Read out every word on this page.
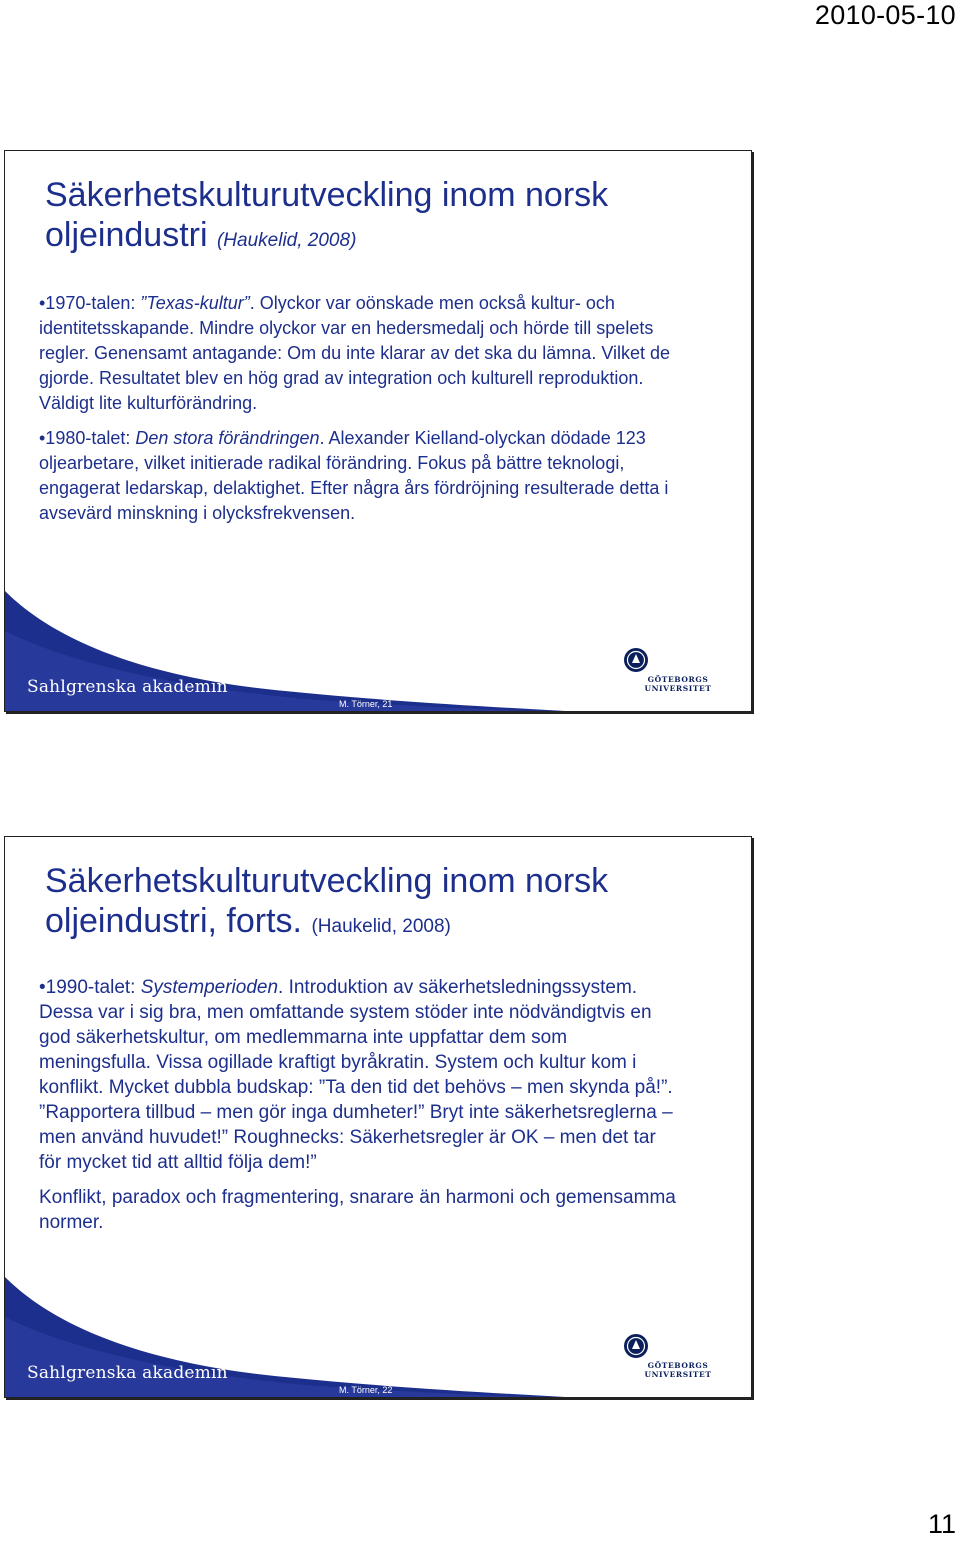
2010-05-10
Säkerhetskulturutveckling inom norsk oljeindustri (Haukelid, 2008)

•1970-talen: ”Texas-kultur”. Olyckor var oönskade men också kultur- och identitetsskapande. Mindre olyckor var en hedersmedalj och hörde till spelets regler. Genensamt antagande: Om du inte klarar av det ska du lämna. Vilket de gjorde. Resultatet blev en hög grad av integration och kulturell reproduktion. Väldigt lite kulturförändring.

•1980-talet: Den stora förändringen. Alexander Kielland-olyckan dödade 123 oljearbetare, vilket initierade radikal förändring. Fokus på bättre teknologi, engagerat ledarskap, delaktighet. Efter några års fördröjning resulterade detta i avsevärd minskning i olycksfrekvensen.

Sahlgrenska akademin
M. Törner, 21
GÖTEBORGS UNIVERSITET
Säkerhetskulturutveckling inom norsk oljeindustri, forts. (Haukelid, 2008)

•1990-talet: Systemperioden. Introduktion av säkerhetsledningssystem. Dessa var i sig bra, men omfattande system stöder inte nödvändigtvis en god säkerhetskultur, om medlemmarna inte uppfattar dem som meningsfulla. Vissa ogillade kraftigt byråkratin. System och kultur kom i konflikt. Mycket dubbla budskap: ”Ta den tid det behövs – men skynda på!”. ”Rapportera tillbud – men gör inga dumheter!” Bryt inte säkerhetsreglerna – men använd huvudet!” Roughnecks: Säkerhetsregler är OK – men det tar för mycket tid att alltid följa dem!”

Konflikt, paradox och fragmentering, snarare än harmoni och gemensamma normer.

Sahlgrenska akademin
M. Törner, 22
GÖTEBORGS UNIVERSITET
11
